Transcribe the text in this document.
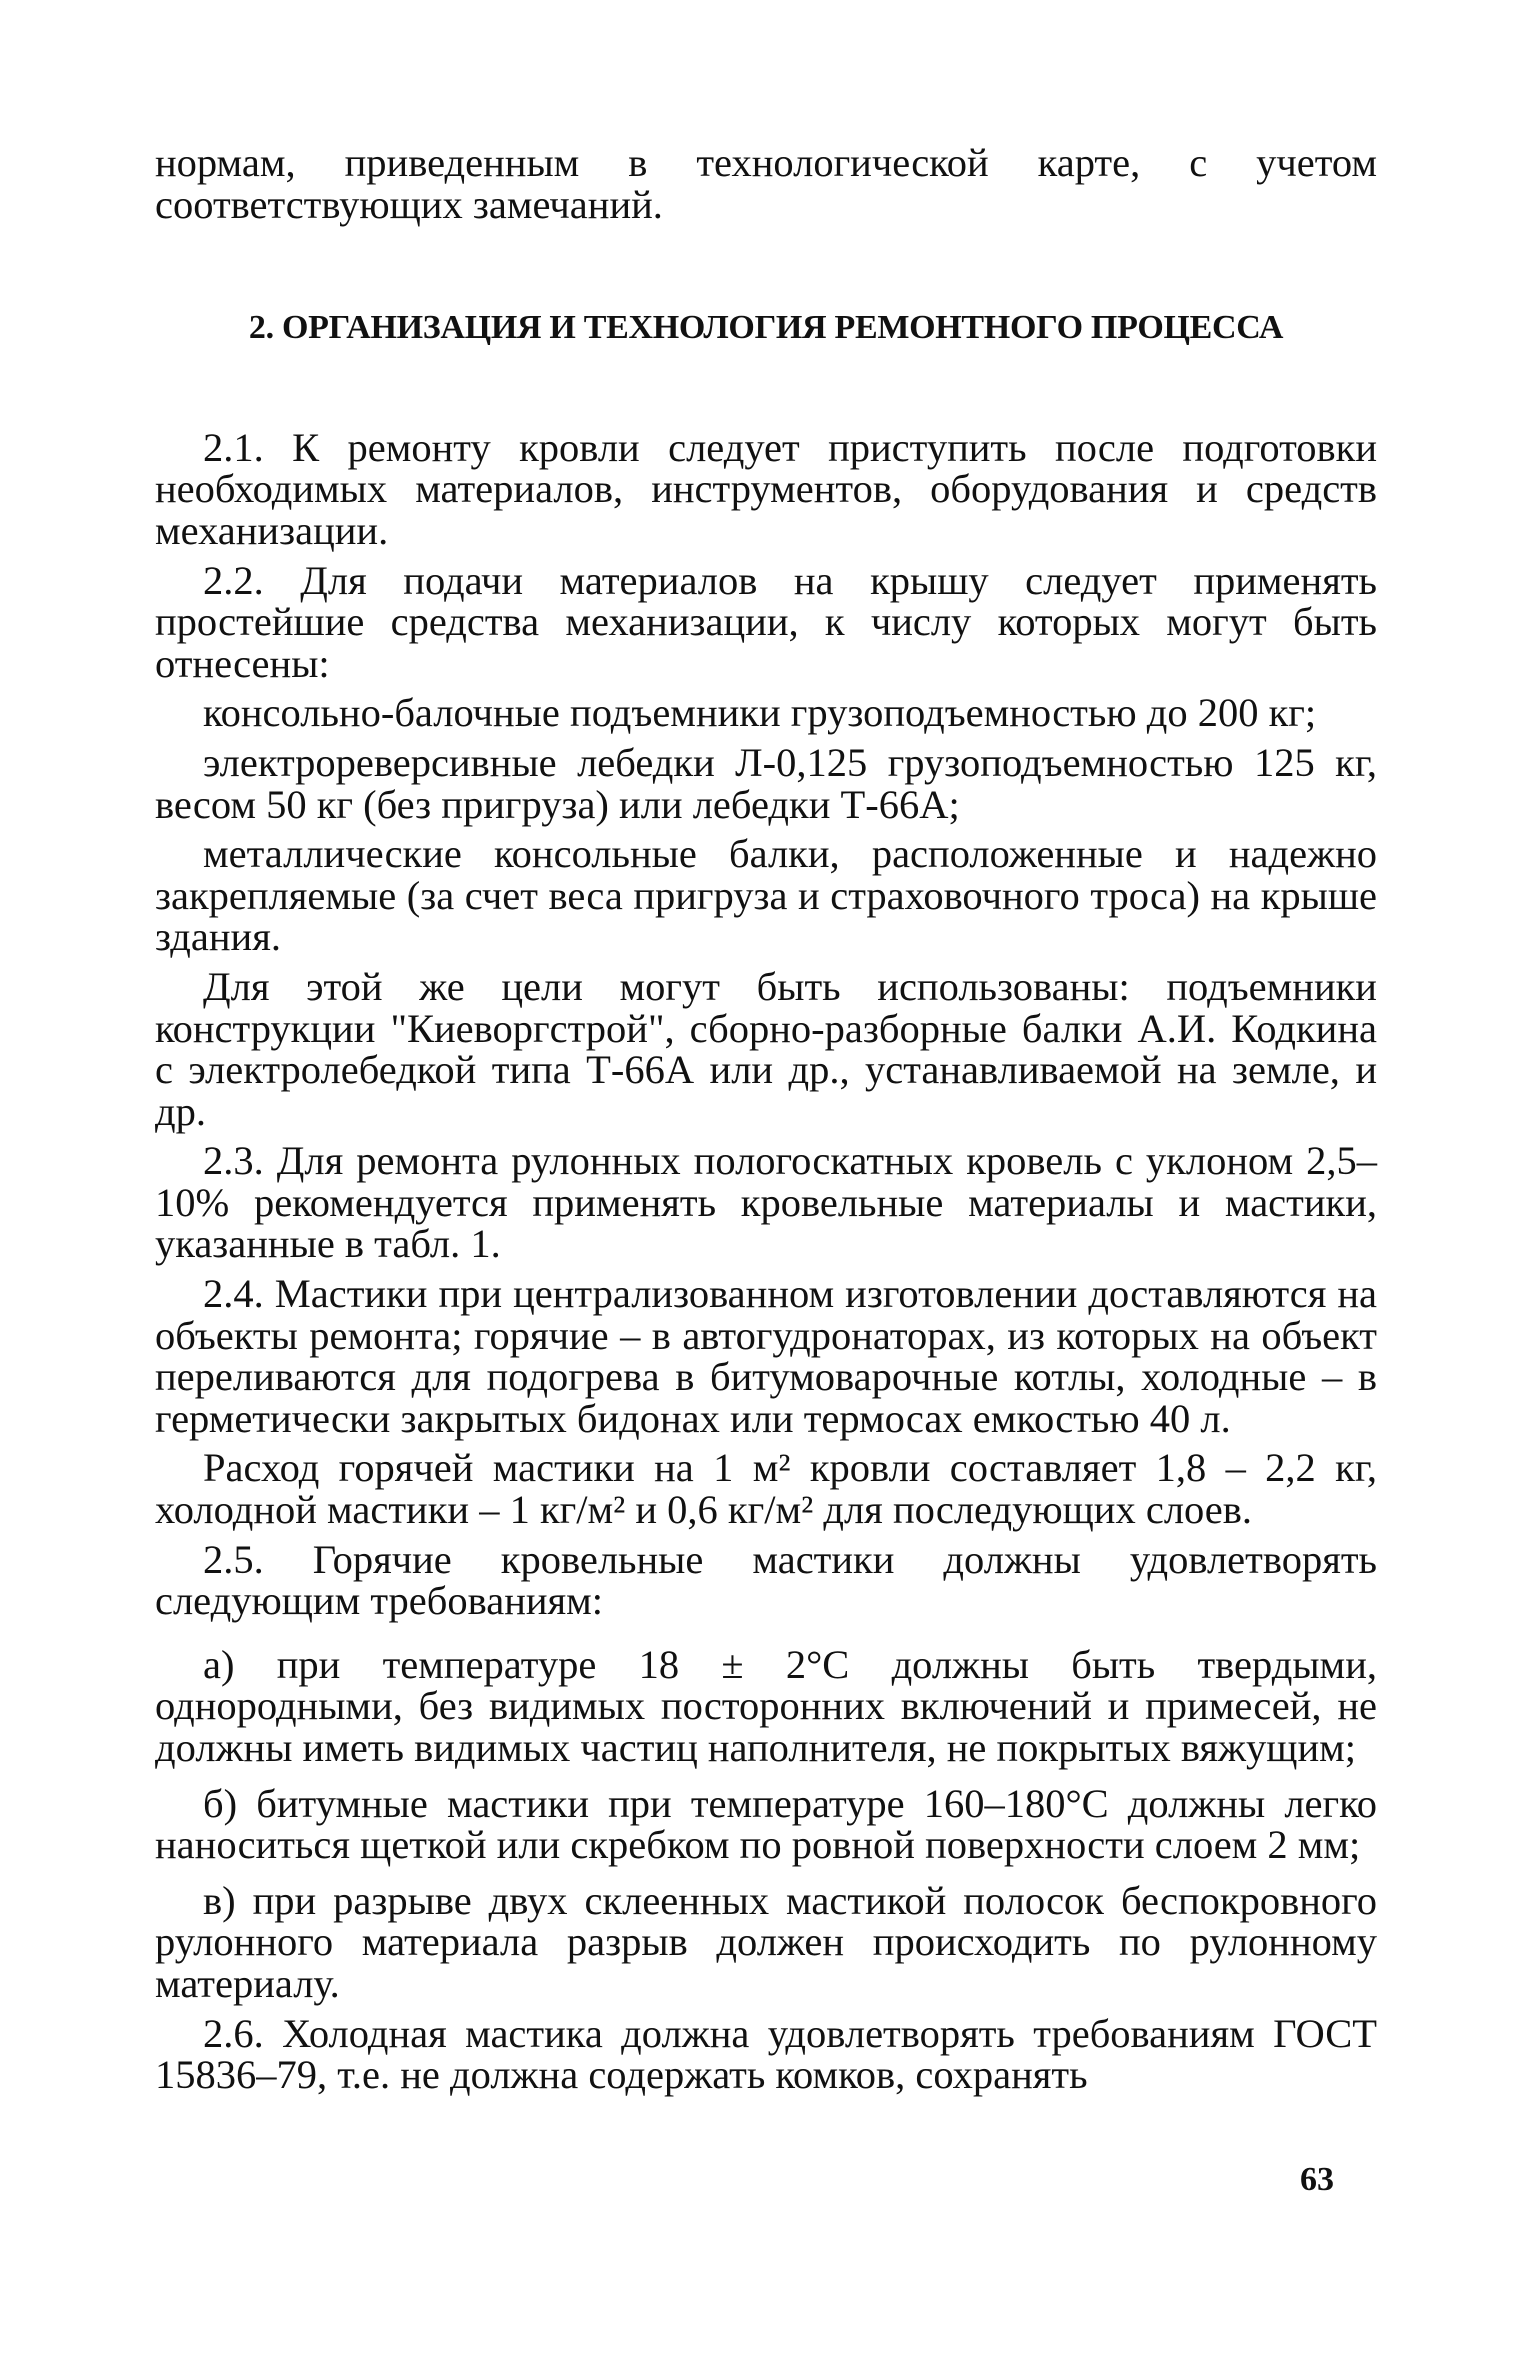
нормам, приведенным в технологической карте, с учетом соответствующих замечаний.

2. ОРГАНИЗАЦИЯ И ТЕХНОЛОГИЯ РЕМОНТНОГО ПРОЦЕССА

2.1. К ремонту кровли следует приступить после подготовки необходимых материалов, инструментов, оборудования и средств механизации.

2.2. Для подачи материалов на крышу следует применять простейшие средства механизации, к числу которых могут быть отнесены:

консольно-балочные подъемники грузоподъемностью до 200 кг;

электрореверсивные лебедки Л-0,125 грузоподъемностью 125 кг, весом 50 кг (без пригруза) или лебедки Т-66А;

металлические консольные балки, расположенные и надежно закрепляемые (за счет веса пригруза и страховочного троса) на крыше здания.

Для этой же цели могут быть использованы: подъемники конструкции "Киеворгстрой", сборно-разборные балки А.И. Кодкина с электролебедкой типа Т-66А или др., устанавливаемой на земле, и др.

2.3. Для ремонта рулонных пологоскатных кровель с уклоном 2,5–10% рекомендуется применять кровельные материалы и мастики, указанные в табл. 1.

2.4. Мастики при централизованном изготовлении доставляются на объекты ремонта; горячие – в автогудронаторах, из которых на объект переливаются для подогрева в битумоварочные котлы, холодные – в герметически закрытых бидонах или термосах емкостью 40 л.

Расход горячей мастики на 1 м² кровли составляет 1,8 – 2,2 кг, холодной мастики – 1 кг/м² и 0,6 кг/м² для последующих слоев.

2.5. Горячие кровельные мастики должны удовлетворять следующим требованиям:

а) при температуре 18 ± 2°С должны быть твердыми, однородными, без видимых посторонних включений и примесей, не должны иметь видимых частиц наполнителя, не покрытых вяжущим;

б) битумные мастики при температуре 160–180°С должны легко наноситься щеткой или скребком по ровной поверхности слоем 2 мм;

в) при разрыве двух склеенных мастикой полосок беспокровного рулонного материала разрыв должен происходить по рулонному материалу.

2.6. Холодная мастика должна удовлетворять требованиям ГОСТ 15836–79, т.е. не должна содержать комков, сохранять

63
